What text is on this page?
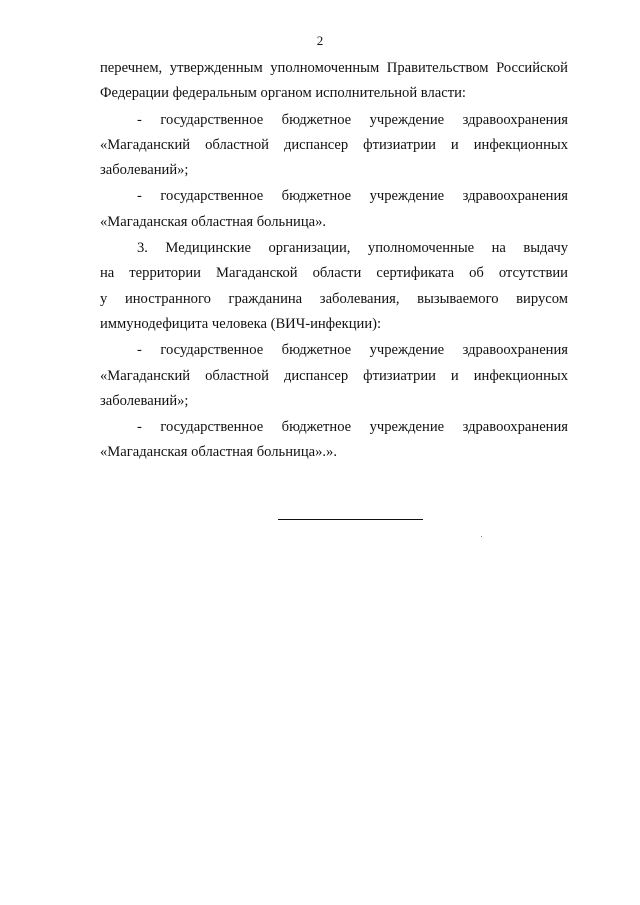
2
перечнем, утвержденным уполномоченным Правительством Российской
Федерации федеральным органом исполнительной власти:
- государственное бюджетное учреждение здравоохранения
«Магаданский областной диспансер фтизиатрии и инфекционных
заболеваний»;
- государственное бюджетное учреждение здравоохранения
«Магаданская областная больница».
3. Медицинские организации, уполномоченные на выдачу
на территории Магаданской области сертификата об отсутствии
у иностранного гражданина заболевания, вызываемого вирусом
иммунодефицита человека (ВИЧ-инфекции):
- государственное бюджетное учреждение здравоохранения
«Магаданский областной диспансер фтизиатрии и инфекционных
заболеваний»;
- государственное бюджетное учреждение здравоохранения
«Магаданская областная больница».».
